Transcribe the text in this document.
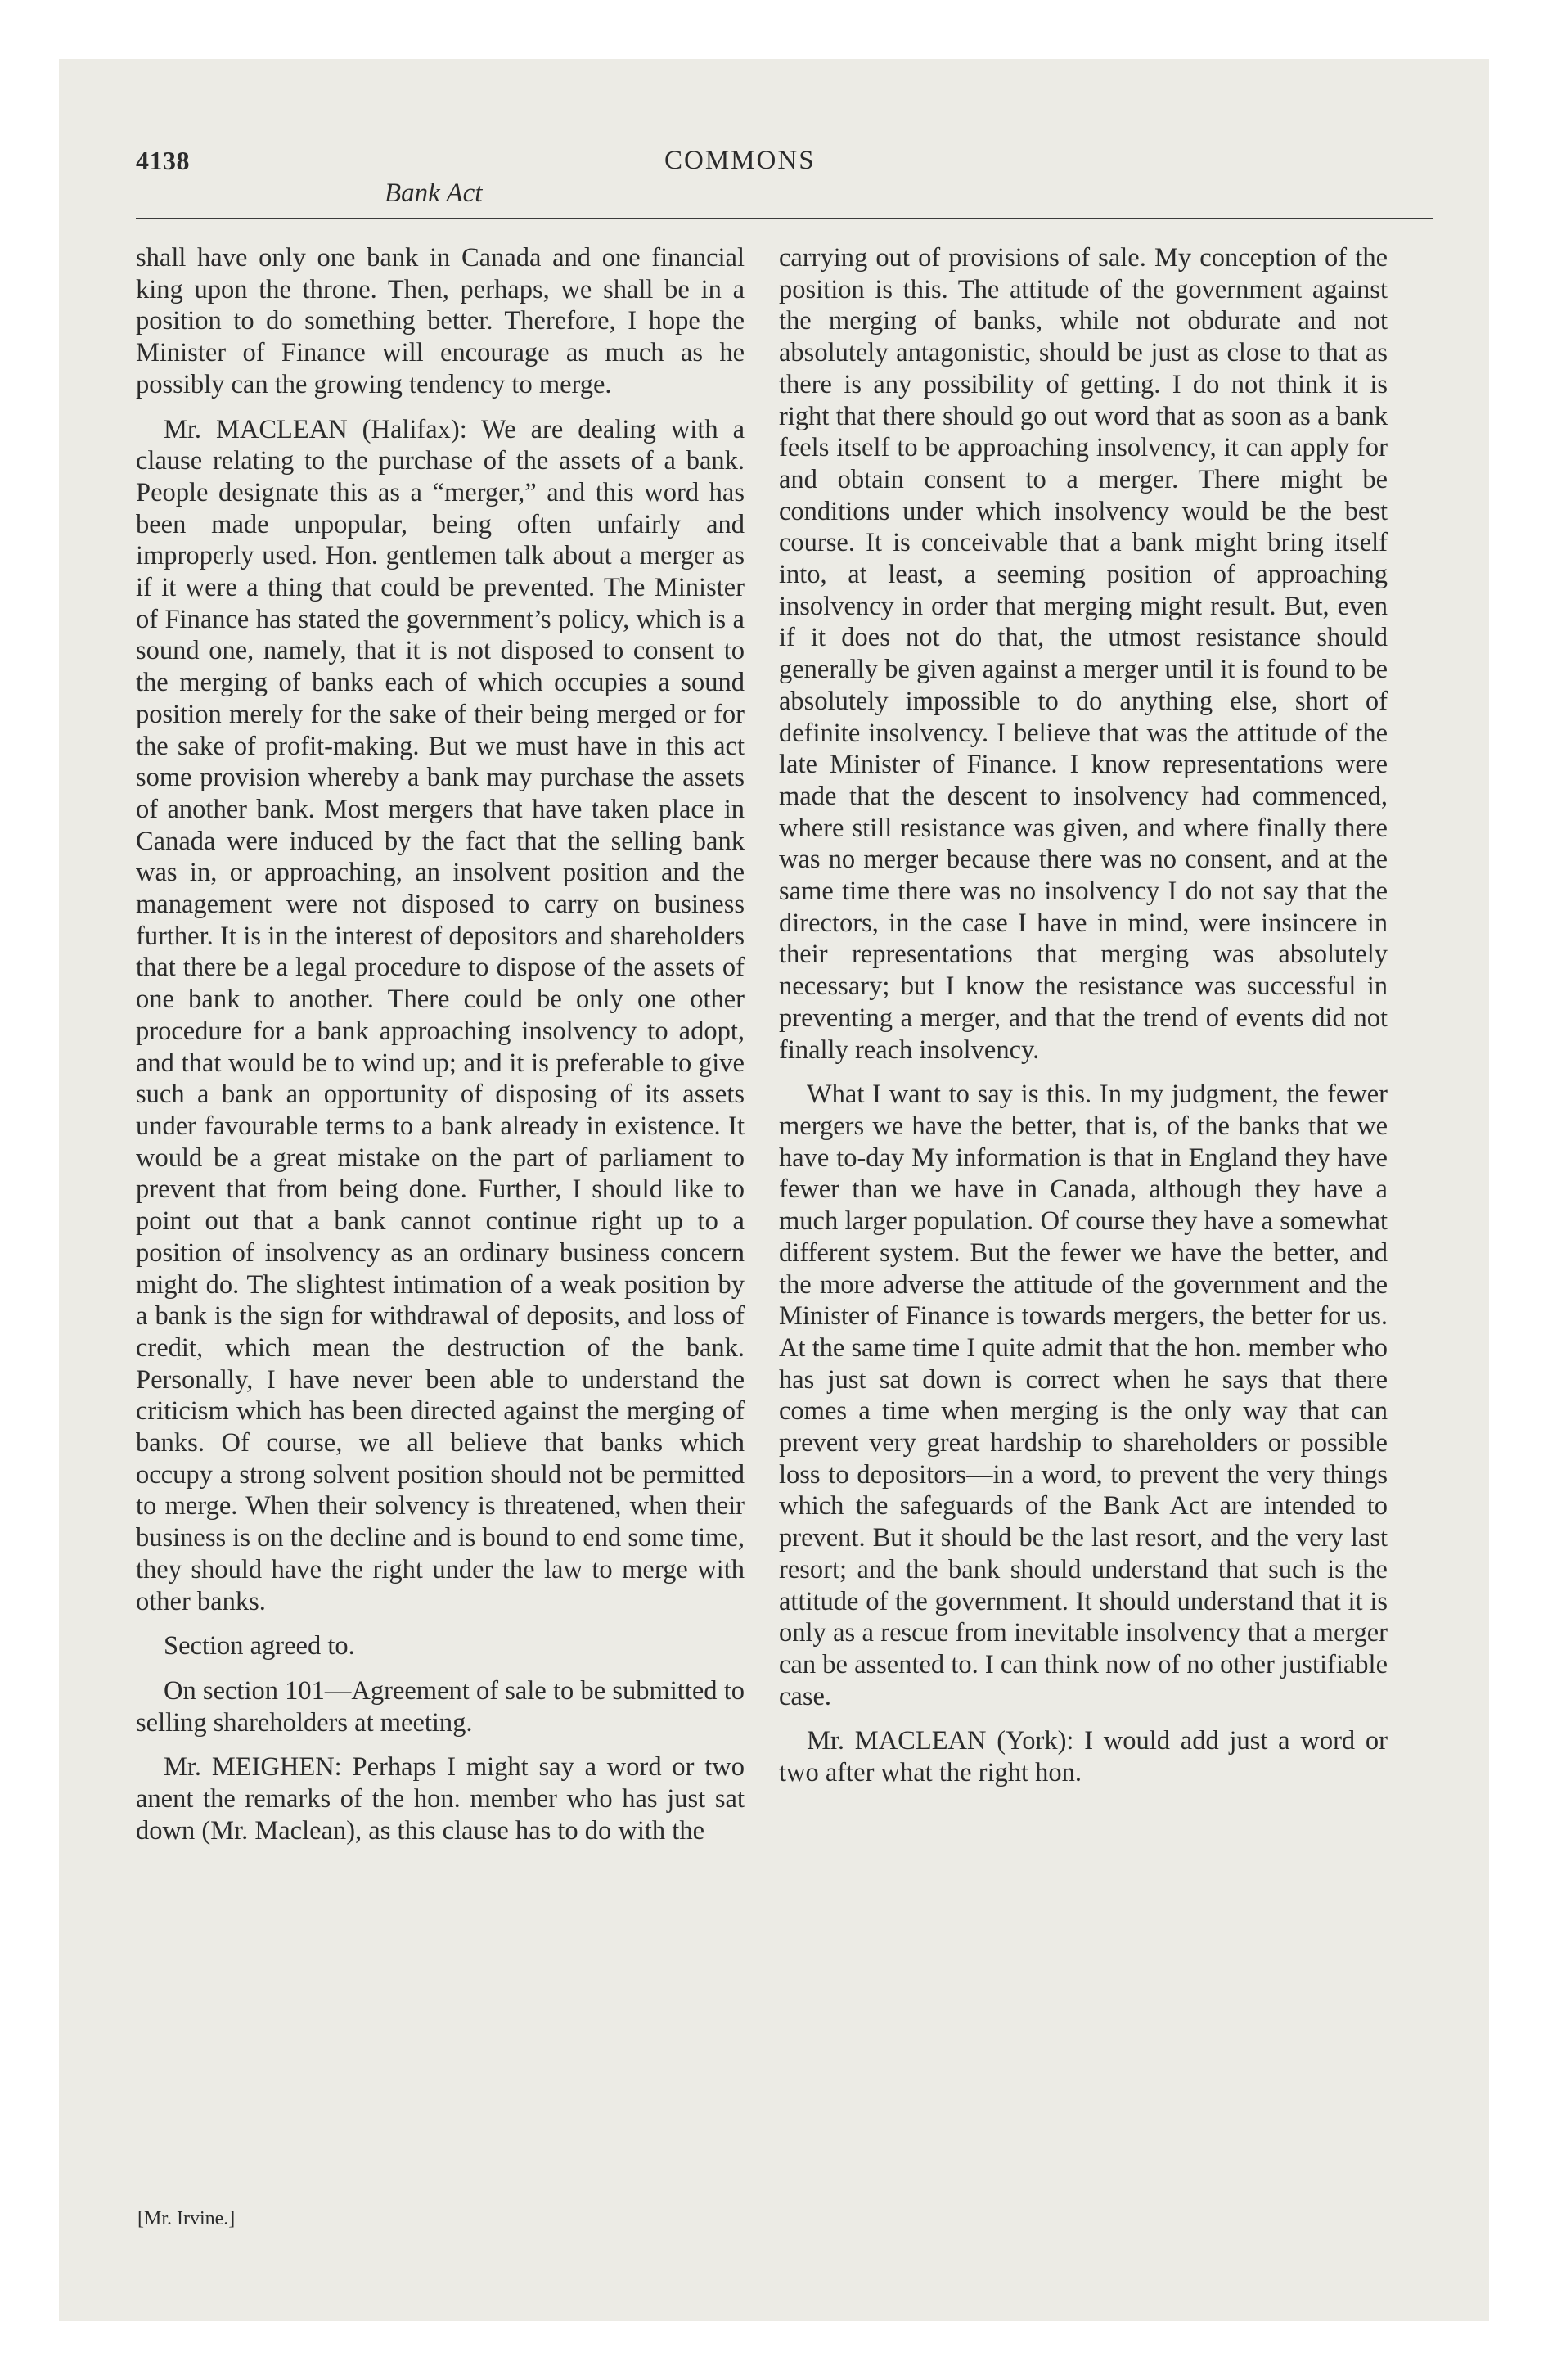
4138	COMMONS
Bank Act

shall have only one bank in Canada and one financial king upon the throne. Then, perhaps, we shall be in a position to do something better. Therefore, I hope the Minister of Finance will encourage as much as he possibly can the growing tendency to merge.

Mr. MACLEAN (Halifax): We are dealing with a clause relating to the purchase of the assets of a bank. People designate this as a “merger,” and this word has been made unpopular, being often unfairly and improperly used. Hon. gentlemen talk about a merger as if it were a thing that could be prevented. The Minister of Finance has stated the government’s policy, which is a sound one, namely, that it is not disposed to consent to the merging of banks each of which occupies a sound position merely for the sake of their being merged or for the sake of profit-making. But we must have in this act some provision whereby a bank may purchase the assets of another bank. Most mergers that have taken place in Canada were induced by the fact that the selling bank was in, or approaching, an insolvent position and the management were not disposed to carry on business further. It is in the interest of depositors and shareholders that there be a legal procedure to dispose of the assets of one bank to another. There could be only one other procedure for a bank approaching insolvency to adopt, and that would be to wind up; and it is preferable to give such a bank an opportunity of disposing of its assets under favourable terms to a bank already in existence. It would be a great mistake on the part of parliament to prevent that from being done. Further, I should like to point out that a bank cannot continue right up to a position of insolvency as an ordinary business concern might do. The slightest intimation of a weak position by a bank is the sign for withdrawal of deposits, and loss of credit, which mean the destruction of the bank. Personally, I have never been able to understand the criticism which has been directed against the merging of banks. Of course, we all believe that banks which occupy a strong solvent position should not be permitted to merge. When their solvency is threatened, when their business is on the decline and is bound to end some time, they should have the right under the law to merge with other banks.

Section agreed to.

On section 101—Agreement of sale to be submitted to selling shareholders at meeting.

Mr. MEIGHEN: Perhaps I might say a word or two anent the remarks of the hon. member who has just sat down (Mr. Maclean), as this clause has to do with the

carrying out of provisions of sale. My conception of the position is this. The attitude of the government against the merging of banks, while not obdurate and not absolutely antagonistic, should be just as close to that as there is any possibility of getting. I do not think it is right that there should go out word that as soon as a bank feels itself to be approaching insolvency, it can apply for and obtain consent to a merger. There might be conditions under which insolvency would be the best course. It is conceivable that a bank might bring itself into, at least, a seeming position of approaching insolvency in order that merging might result. But, even if it does not do that, the utmost resistance should generally be given against a merger until it is found to be absolutely impossible to do anything else, short of definite insolvency. I believe that was the attitude of the late Minister of Finance. I know representations were made that the descent to insolvency had commenced, where still resistance was given, and where finally there was no merger because there was no consent, and at the same time there was no insolvency I do not say that the directors, in the case I have in mind, were insincere in their representations that merging was absolutely necessary; but I know the resistance was successful in preventing a merger, and that the trend of events did not finally reach insolvency.

What I want to say is this. In my judgment, the fewer mergers we have the better, that is, of the banks that we have to-day My information is that in England they have fewer than we have in Canada, although they have a much larger population. Of course they have a somewhat different system. But the fewer we have the better, and the more adverse the attitude of the government and the Minister of Finance is towards mergers, the better for us. At the same time I quite admit that the hon. member who has just sat down is correct when he says that there comes a time when merging is the only way that can prevent very great hardship to shareholders or possible loss to depositors—in a word, to prevent the very things which the safeguards of the Bank Act are intended to prevent. But it should be the last resort, and the very last resort; and the bank should understand that such is the attitude of the government. It should understand that it is only as a rescue from inevitable insolvency that a merger can be assented to. I can think now of no other justifiable case.

Mr. MACLEAN (York): I would add just a word or two after what the right hon.

[Mr. Irvine.]
